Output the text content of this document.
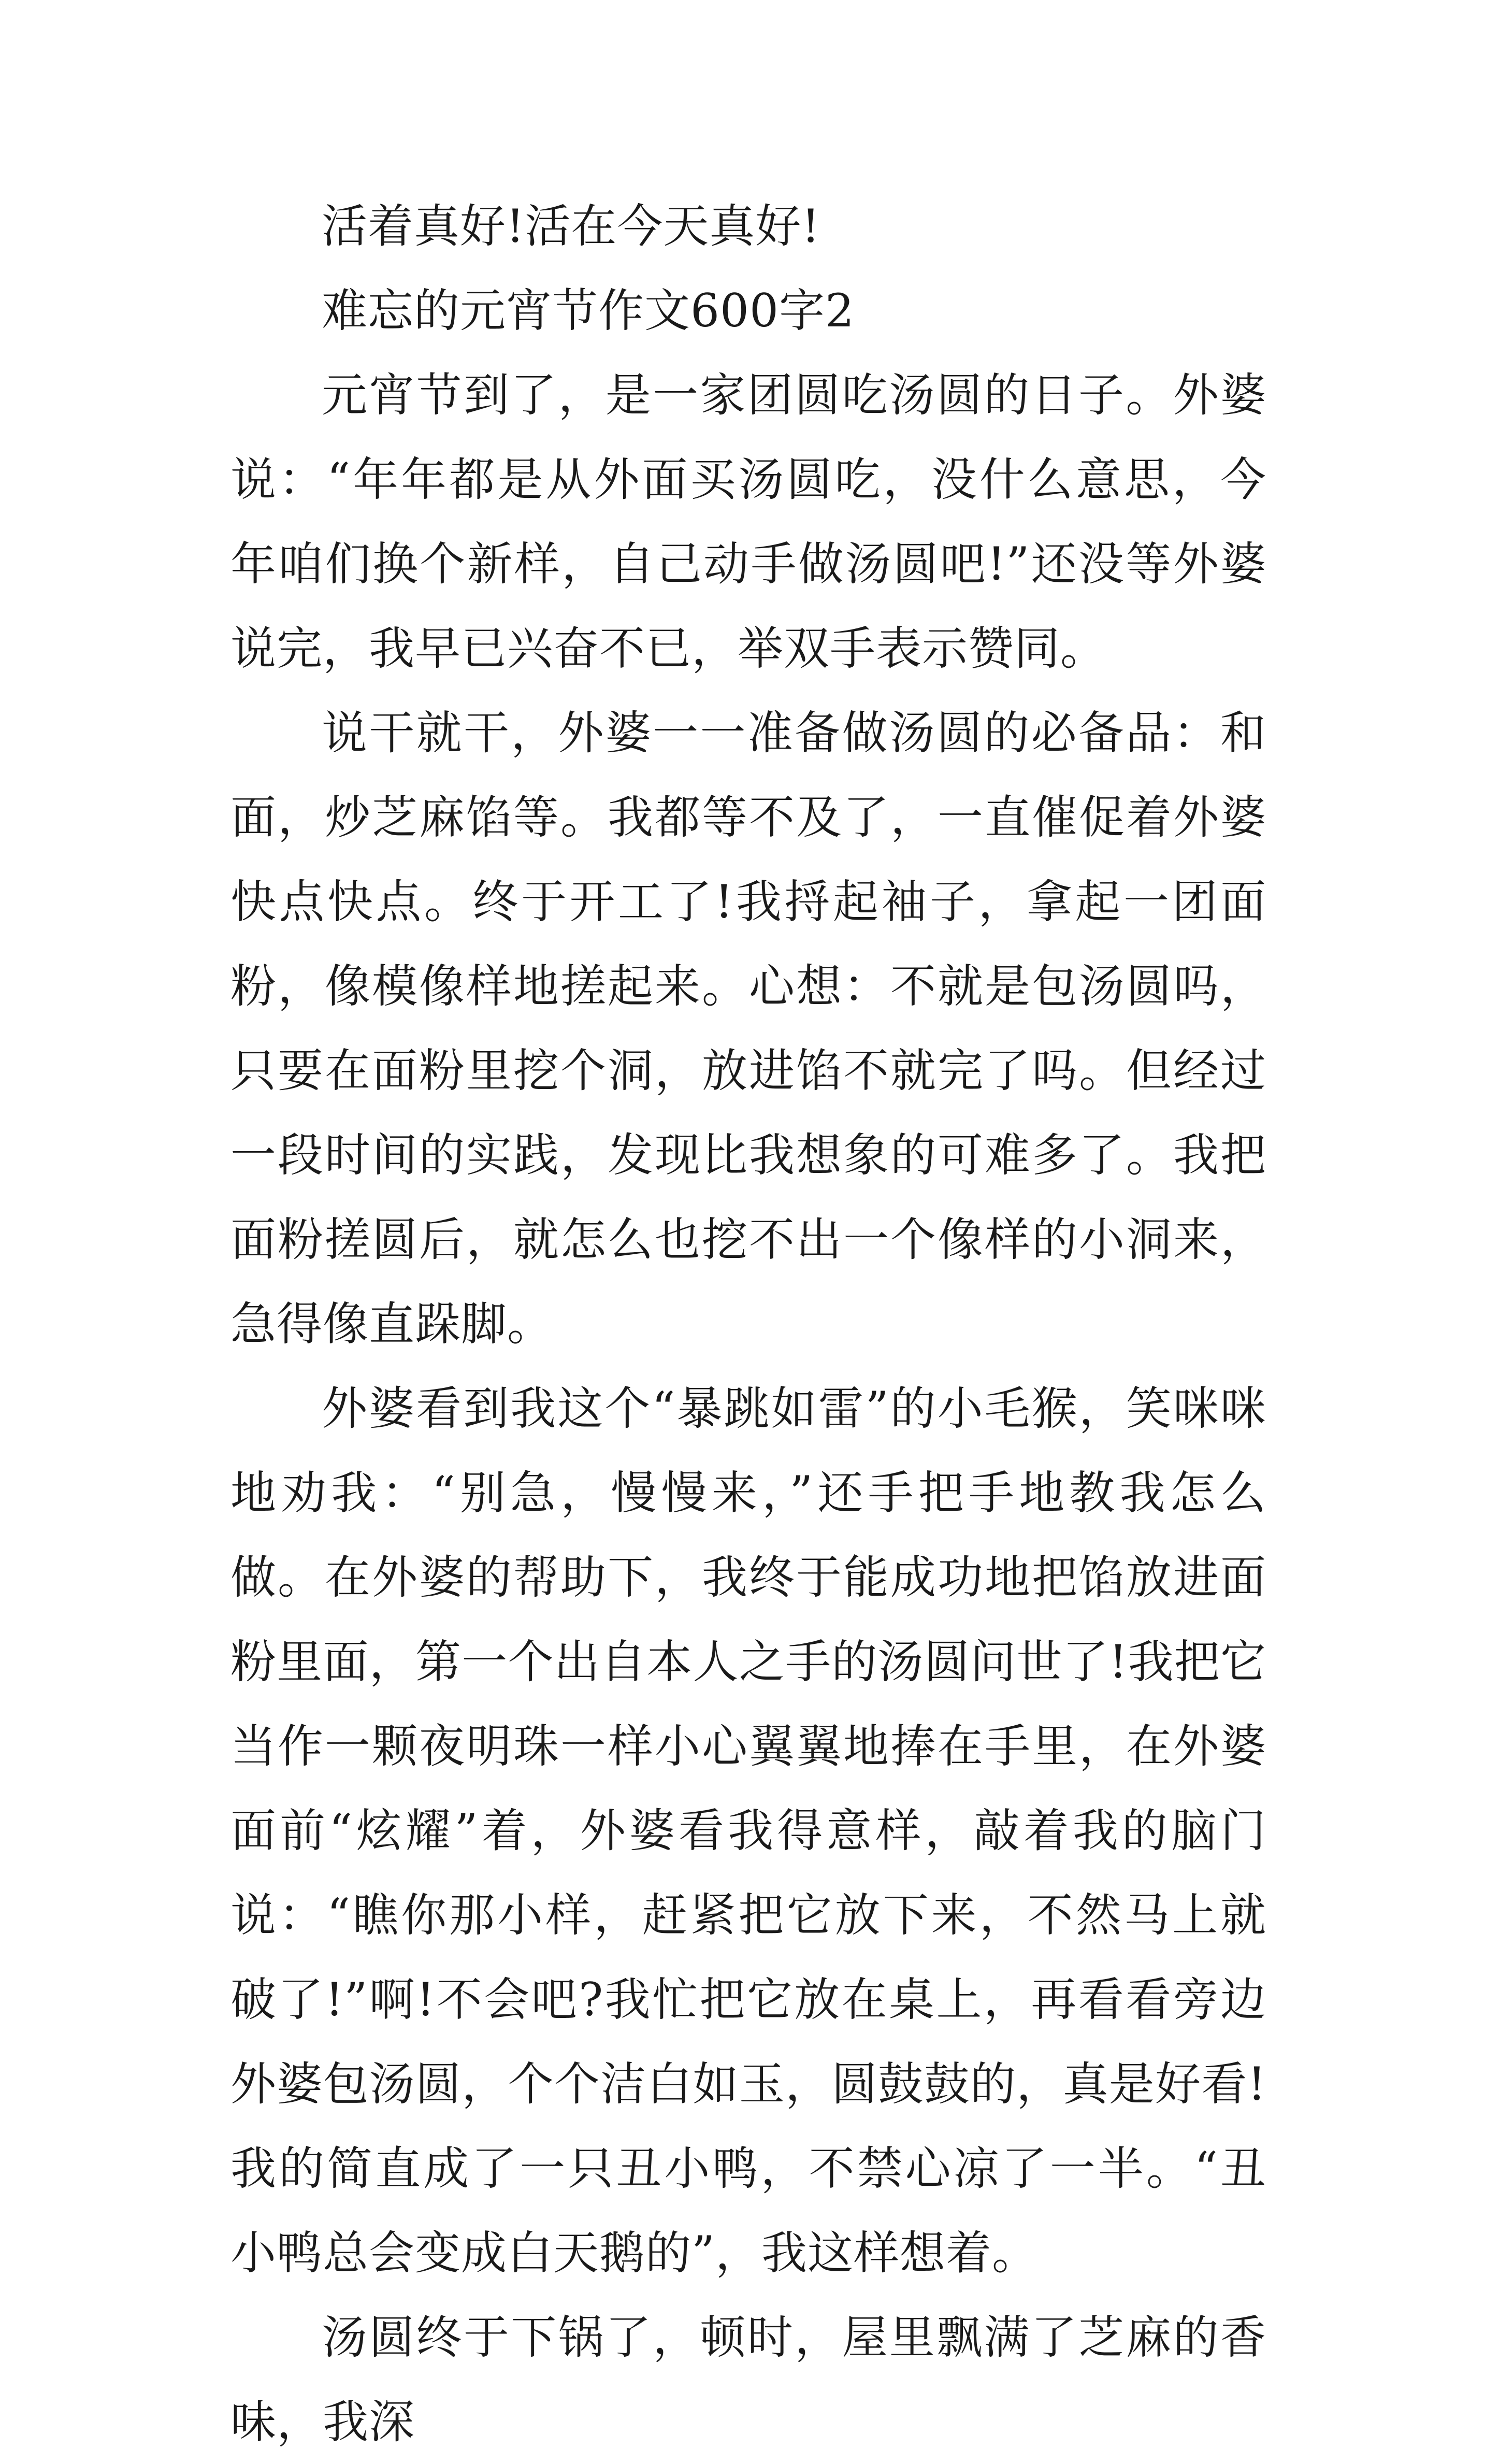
活着真好!活在今天真好!

难忘的元宵节作文600字2

元宵节到了，是一家团圆吃汤圆的日子。外婆说：“年年都是从外面买汤圆吃，没什么意思，今年咱们换个新样，自己动手做汤圆吧!”还没等外婆说完，我早已兴奋不已，举双手表示赞同。

说干就干，外婆一一准备做汤圆的必备品：和面，炒芝麻馅等。我都等不及了，一直催促着外婆快点快点。终于开工了!我捋起袖子，拿起一团面粉，像模像样地搓起来。心想：不就是包汤圆吗，只要在面粉里挖个洞，放进馅不就完了吗。但经过一段时间的实践，发现比我想象的可难多了。我把面粉搓圆后，就怎么也挖不出一个像样的小洞来，急得像直跺脚。

外婆看到我这个“暴跳如雷”的小毛猴，笑咪咪地劝我：“别急，慢慢来，”还手把手地教我怎么做。在外婆的帮助下，我终于能成功地把馅放进面粉里面，第一个出自本人之手的汤圆问世了!我把它当作一颗夜明珠一样小心翼翼地捧在手里，在外婆面前“炫耀”着，外婆看我得意样，敲着我的脑门说：“瞧你那小样，赶紧把它放下来，不然马上就破了!”啊!不会吧?我忙把它放在桌上，再看看旁边外婆包汤圆，个个洁白如玉，圆鼓鼓的，真是好看!我的简直成了一只丑小鸭，不禁心凉了一半。“丑小鸭总会变成白天鹅的”，我这样想着。

汤圆终于下锅了，顿时，屋里飘满了芝麻的香味，我深
